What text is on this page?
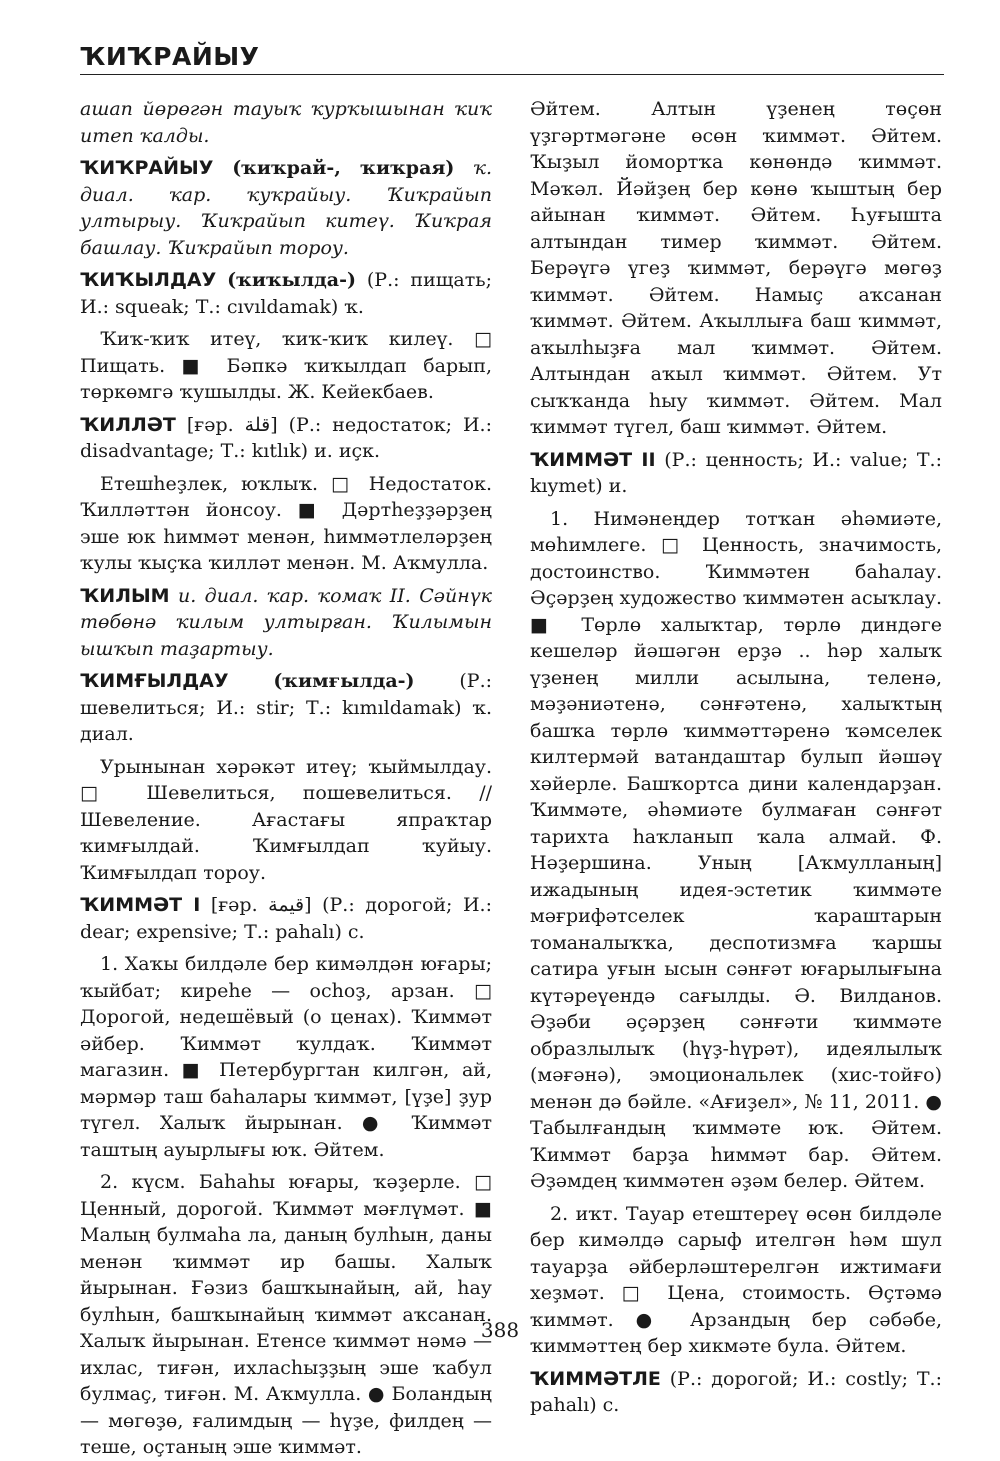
ҠИҠРАЙЫУ

ашап йөрөгән тауыҡ ҡурҡышынан ҡиҡ итеп ҡалды.

ҠИҠРАЙЫУ (ҡиҡрай-, ҡиҡрая) ҡ. диал. ҡар. ҡуҡрайыу. Ҡиҡрайып ултырыу. Ҡиҡрайып китеү. Ҡиҡрая башлау. Ҡиҡрайып тороу.

ҠИҠЫЛДАУ (ҡиҡылда-) (Р.: пищать; И.: squeak; Т.: cıvıldamak) ҡ.

Ҡиҡ-ҡиҡ итеү, ҡиҡ-ҡиҡ килеү. □ Пищать. ■ Бәпкә ҡиҡылдап барып, төркөмгә ҡушылды. Ж. Кейекбаев.

ҠИЛЛӘТ [ғәр. قلة] (Р.: недостаток; И.: disadvantage; Т.: kıtlık) и. иҫк.

Етешһеҙлек, юҡлыҡ. □ Недостаток. Ҡилләттән йонсоу. ■ Дәртһеҙҙәрҙең эше юк һиммәт менән, һиммәтлеләрҙең ҡулы ҡыҫҡа ҡилләт менән. М. Аҡмулла.

ҠИЛЫМ и. диал. ҡар. ҡомаҡ II. Сәйнүк төбөнә ҡилым ултырған. Ҡилымын ышҡып таҙартыу.

ҠИМҒЫЛДАУ (ҡимғылда-) (Р.: шевелиться; И.: stir; Т.: kımıldamak) ҡ. диал.

Урынынан хәрәкәт итеү; ҡыймылдау. □ Шевелиться, пошевелиться. // Шевеление. Ағастағы япраҡтар ҡимғылдай. Ҡимғылдап ҡуйыу. Ҡимғылдап тороу.

ҠИММӘТ I [ғәр. قيمة] (Р.: дорогой; И.: dear; expensive; Т.: pahalı) с.

1. Хаҡы билдәле бер кимәлдән юғары; ҡыйбат; киреһе — осһоҙ, арзан. □ Дорогой, недешёвый (о ценах). Ҡиммәт әйбер. Ҡиммәт ҡулдаҡ. Ҡиммәт магазин. ■ Петербургтан килгән, ай, мәрмәр таш баһалары ҡиммәт, [үҙе] ҙур түгел. Халыҡ йырынан. ● Ҡиммәт таштың ауырлығы юҡ. Әйтем.

2. күсм. Баһаһы юғары, ҡәҙерле. □ Ценный, дорогой. Ҡиммәт мәғлүмәт. ■ Малың булмаһа ла, даның булһын, даны менән ҡиммәт ир башы. Халыҡ йырынан. Ғәзиз башҡынайың, ай, һау булһын, башҡынайың ҡиммәт аҡсанан. Халыҡ йырынан. Етенсе ҡиммәт нәмә — ихлас, тиғән, ихласһыҙҙың эше ҡабул булмаҫ, тиғән. М. Аҡмулла. ● Боландың — мөгөҙө, ғалимдың — һүҙе, филдең — теше, оҫтаның эше ҡиммәт.

Әйтем. Алтын үҙенең төҫөн үҙгәртмәгәне өсөн ҡиммәт. Әйтем. Ҡыҙыл йомортҡа көнөндә ҡиммәт. Мәҡәл. Йәйҙең бер көнө ҡыштың бер айынан ҡиммәт. Әйтем. Һуғышта алтындан тимер ҡиммәт. Әйтем. Берәүгә үгеҙ ҡиммәт, берәүгә мөгөҙ ҡиммәт. Әйтем. Намыҫ аҡсанан ҡиммәт. Әйтем. Аҡыллыға баш ҡиммәт, аҡылһыҙға мал ҡиммәт. Әйтем. Алтындан аҡыл ҡиммәт. Әйтем. Ут сыҡҡанда һыу ҡиммәт. Әйтем. Мал ҡиммәт түгел, баш ҡиммәт. Әйтем.

ҠИММӘТ II (Р.: ценность; И.: value; Т.: kıymet) и.

1. Нимәнеңдер тотҡан әһәмиәте, мөһимлеге. □ Ценность, значимость, достоинство. Ҡиммәтен баһалау. Әҫәрҙең художество ҡиммәтен асыҡлау. ■ Төрлө халыҡтар, төрлө диндәге кешеләр йәшәгән ерҙә .. һәр халыҡ үҙенең милли асылына, теленә, мәҙәниәтенә, сәнғәтенә, халыҡтың башҡа төрлө ҡиммәттәренә ҡәмселек килтермәй ватандаштар булып йәшәү хәйерле. Башҡортса дини календарҙан. Ҡиммәте, әһәмиәте булмаған сәнғәт тарихта һаҡланып ҡала алмай. Ф. Нәҙершина. Уның [Аҡмулланың] ижадының идея-эстетик ҡиммәте мәғрифәтселек ҡараштарын томаналыҡҡа, деспотизмға ҡаршы сатира уғын ысын сәнғәт юғарылығына күтәреүендә сағылды. Ә. Вилданов. Әҙәби әҫәрҙең сәнғәти ҡиммәте образлылыҡ (һүҙ-һүрәт), идеялылыҡ (мәғәнә), эмоциональлек (хис-тойғо) менән дә бәйле. «Ағиҙел», № 11, 2011. ● Табылғандың ҡиммәте юҡ. Әйтем. Ҡиммәт барҙа һиммәт бар. Әйтем. Әҙәмдең ҡиммәтен әҙәм белер. Әйтем.

2. иҡт. Тауар етештереү өсөн билдәле бер кимәлдә сарыф ителгән һәм шул тауарҙа әйберләштерелгән ижтимағи хеҙмәт. □ Цена, стоимость. Өҫтәмә ҡиммәт. ● Арзандың бер сәбәбе, ҡиммәттең бер хикмәте була. Әйтем.

ҠИММӘТЛЕ (Р.: дорогой; И.: costly; Т.: pahalı) с.

388
